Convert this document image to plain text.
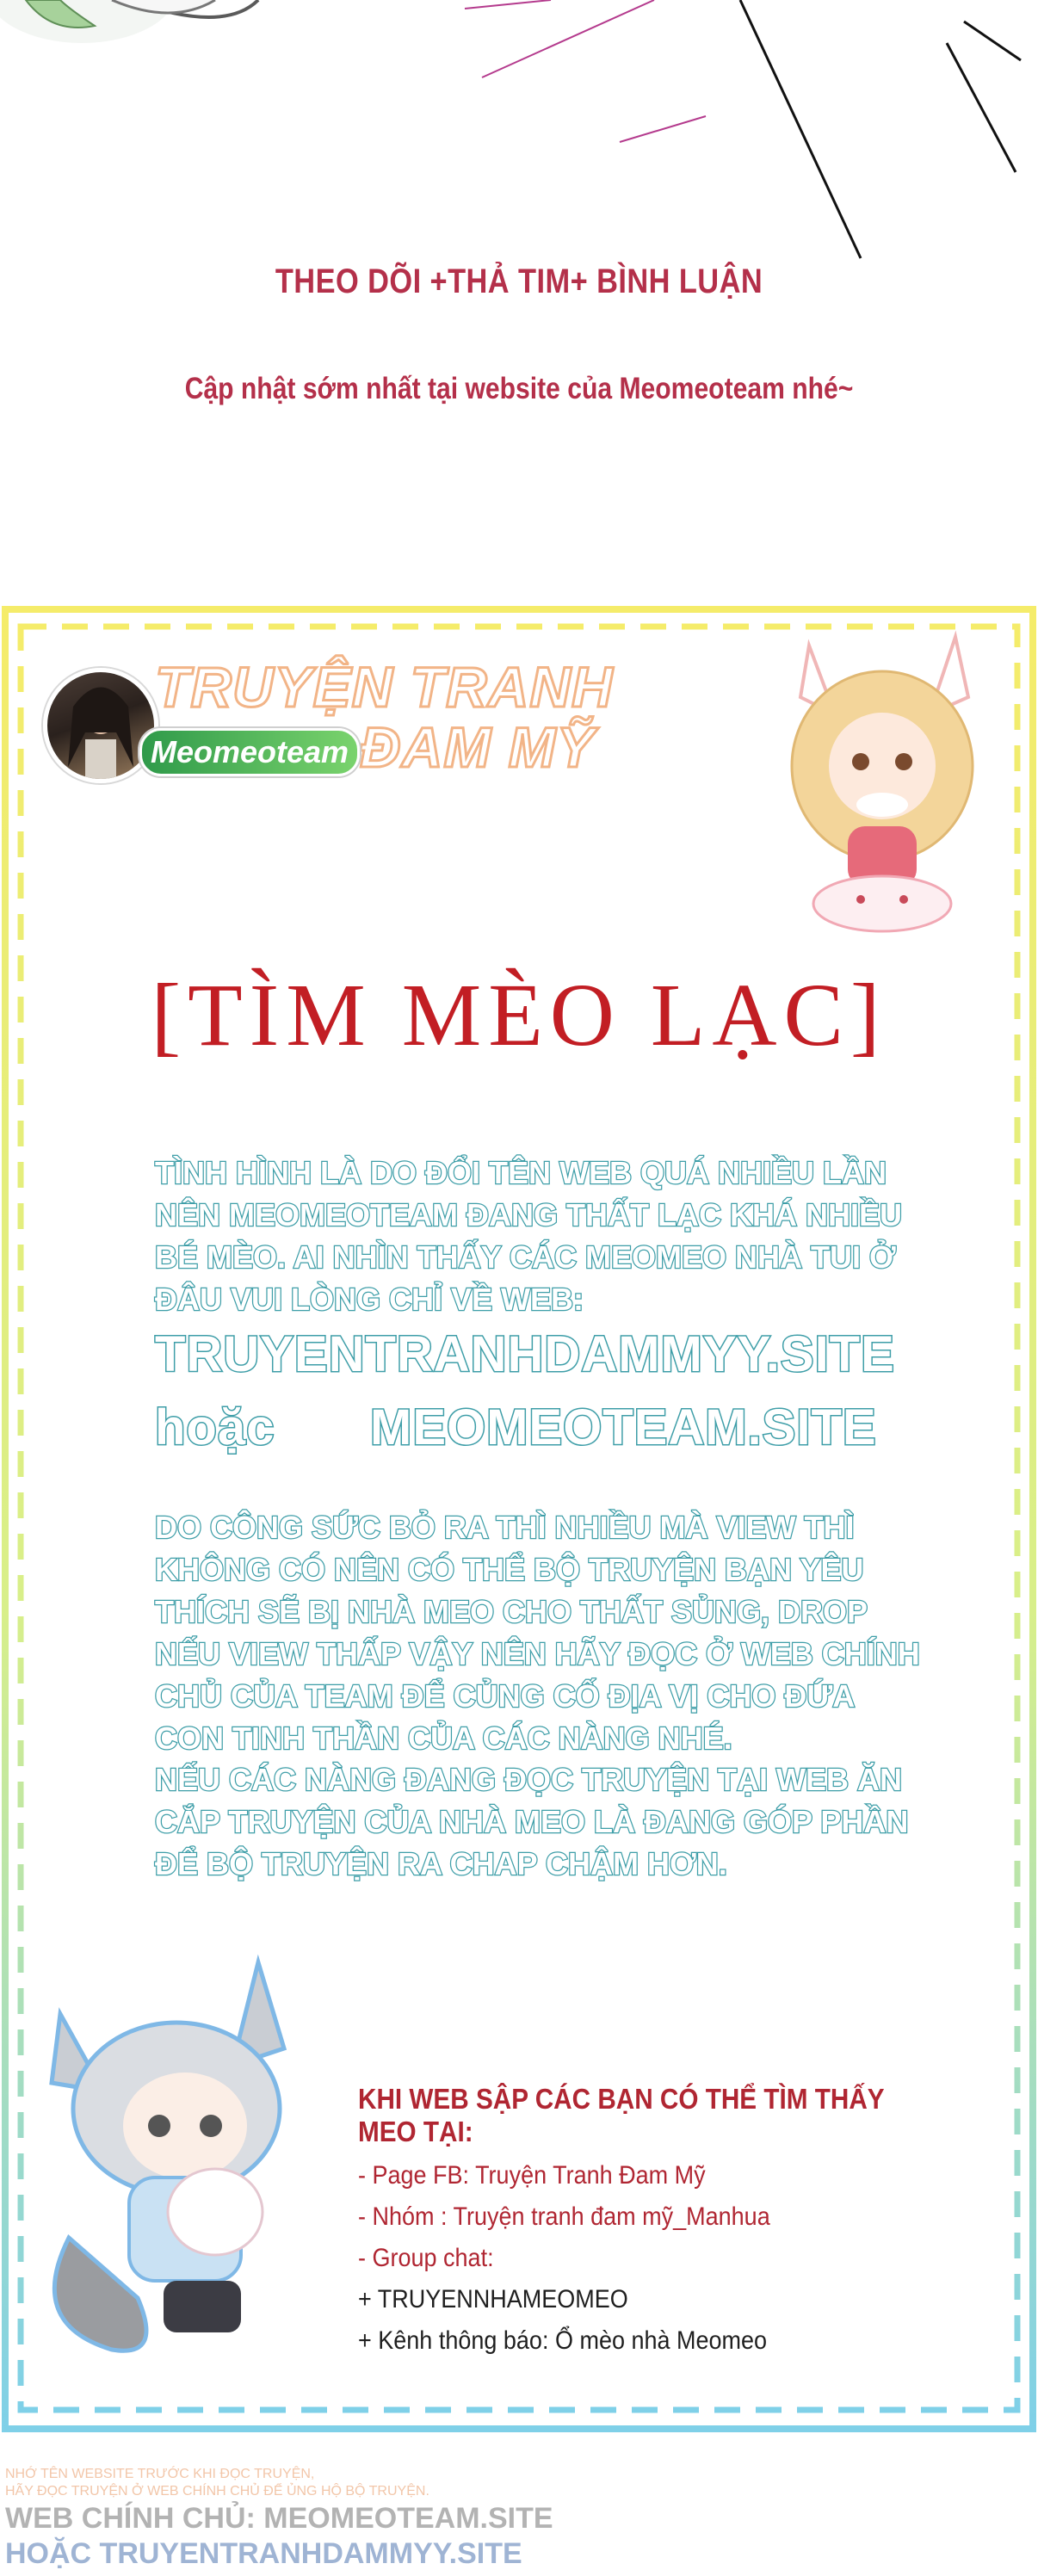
THEO DÕI +THẢ TIM+ BÌNH LUẬN
Cập nhật sớm nhất tại website của Meomeoteam nhé~
TRUYỆN TRANH
ĐAM MỸ
Meomeoteam
[TÌM MÈO LẠC]
TÌNH HÌNH LÀ DO ĐỔI TÊN WEB QUÁ NHIỀU LẦN NÊN MEOMEOTEAM ĐANG THẤT LẠC KHÁ NHIỀU BÉ MÈO. AI NHÌN THẤY CÁC MEOMEO NHÀ TUI Ở ĐÂU VUI LÒNG CHỈ VỀ WEB:
TRUYENTRANHDAMMYY.SITE
hoặc MEOMEOTEAM.SITE
DO CÔNG SỨC BỎ RA THÌ NHIỀU MÀ VIEW THÌ KHÔNG CÓ NÊN CÓ THỂ BỘ TRUYỆN BẠN YÊU THÍCH SẼ BỊ NHÀ MEO CHO THẤT SỦNG, DROP NẾU VIEW THẤP VẬY NÊN HÃY ĐỌC Ở WEB CHÍNH CHỦ CỦA TEAM ĐỂ CỦNG CỐ ĐỊA VỊ CHO ĐỨA CON TINH THẦN CỦA CÁC NÀNG NHÉ.
NẾU CÁC NÀNG ĐANG ĐỌC TRUYỆN TẠI WEB ĂN CẮP TRUYỆN CỦA NHÀ MEO LÀ ĐANG GÓP PHẦN ĐỂ BỘ TRUYỆN RA CHAP CHẬM HƠN.
KHI WEB SẬP CÁC BẠN CÓ THỂ TÌM THẤY MEO TẠI:
- Page FB: Truyện Tranh Đam Mỹ
- Nhóm : Truyện tranh đam mỹ_Manhua
- Group chat:
+ TRUYENNHAMEOMEO
+ Kênh thông báo: Ổ mèo nhà Meomeo
NHỚ TÊN WEBSITE TRƯỚC KHI ĐỌC TRUYỆN,
HÃY ĐỌC TRUYỆN Ở WEB CHÍNH CHỦ ĐỂ ỦNG HỘ BỘ TRUYỆN.
WEB CHÍNH CHỦ: MEOMEOTEAM.SITE
HOẶC TRUYENTRANHDAMMYY.SITE
